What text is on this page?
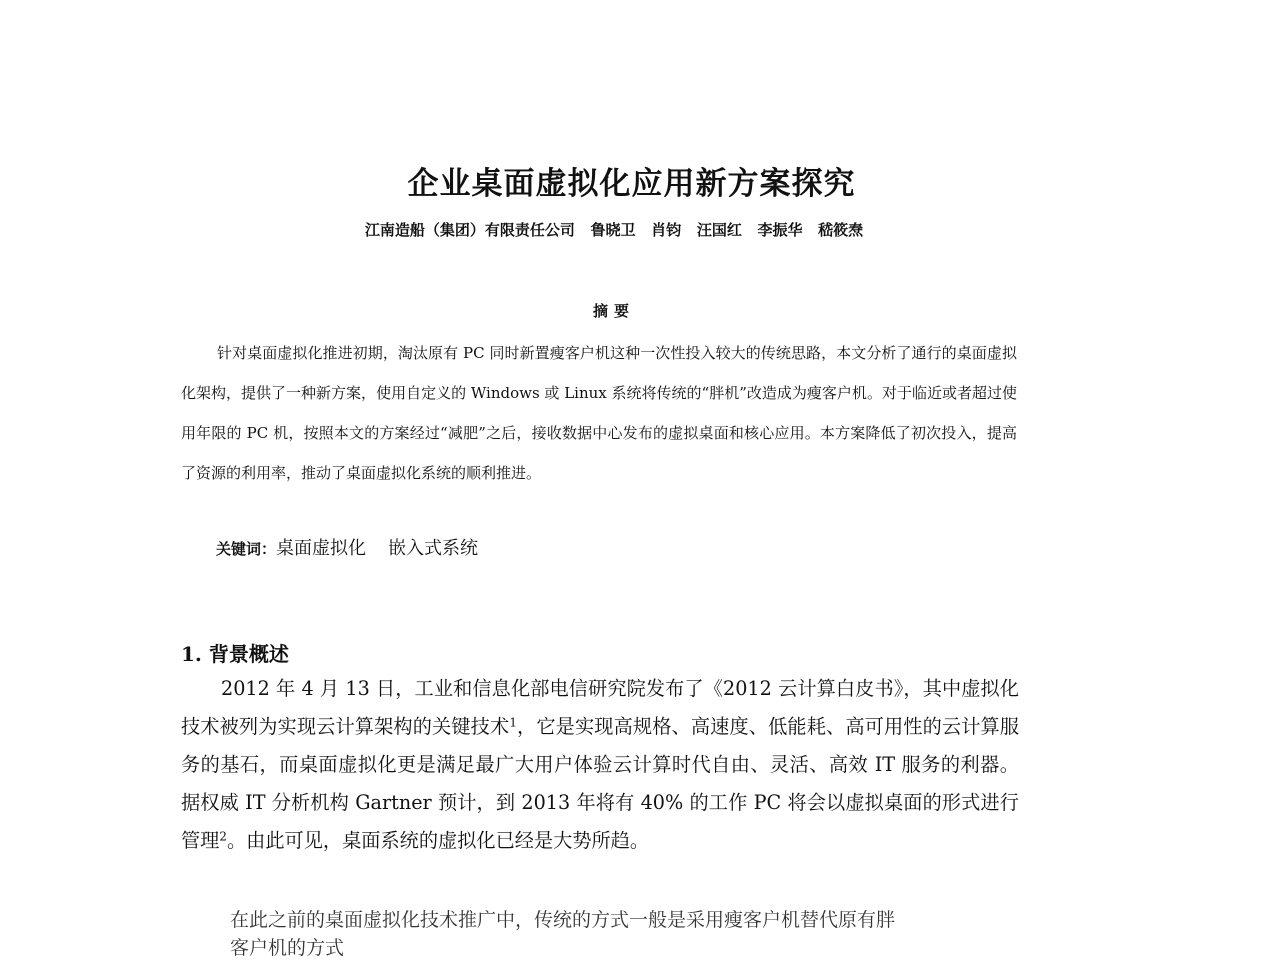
企业桌面虚拟化应用新方案探究
江南造船（集团）有限责任公司   鲁晓卫   肖钧   汪国红   李振华   嵇筱焘
摘要

针对桌面虚拟化推进初期，淘汰原有 PC 同时新置瘦客户机这种一次性投入较大的传统思路，本文分析了通行的桌面虚拟化架构，提供了一种新方案，使用自定义的 Windows 或 Linux 系统将传统的“胖机”改造成为瘦客户机。对于临近或者超过使用年限的 PC 机，按照本文的方案经过“减肥”之后，接收数据中心发布的虚拟桌面和核心应用。本方案降低了初次投入，提高了资源的利用率，推动了桌面虚拟化系统的顺利推进。

关键词：桌面虚拟化 嵌入式系统
1. 背景概述

2012 年 4 月 13 日，工业和信息化部电信研究院发布了《2012 云计算白皮书》，其中虚拟化技术被列为实现云计算架构的关键技术$^1$，它是实现高规格、高速度、低能耗、高可用性的云计算服务的基石，而桌面虚拟化更是满足最广大用户体验云计算时代自由、灵活、高效 IT 服务的利器。据权威 IT 分析机构 Gartner 预计，到 2013 年将有 40% 的工作 PC 将会以虚拟桌面的形式进行管理$^2$。由此可见，桌面系统的虚拟化已经是大势所趋。

在此之前的桌面虚拟化技术推广中，传统的方式一般是采用瘦客户机替代原有胖客户机的方式
